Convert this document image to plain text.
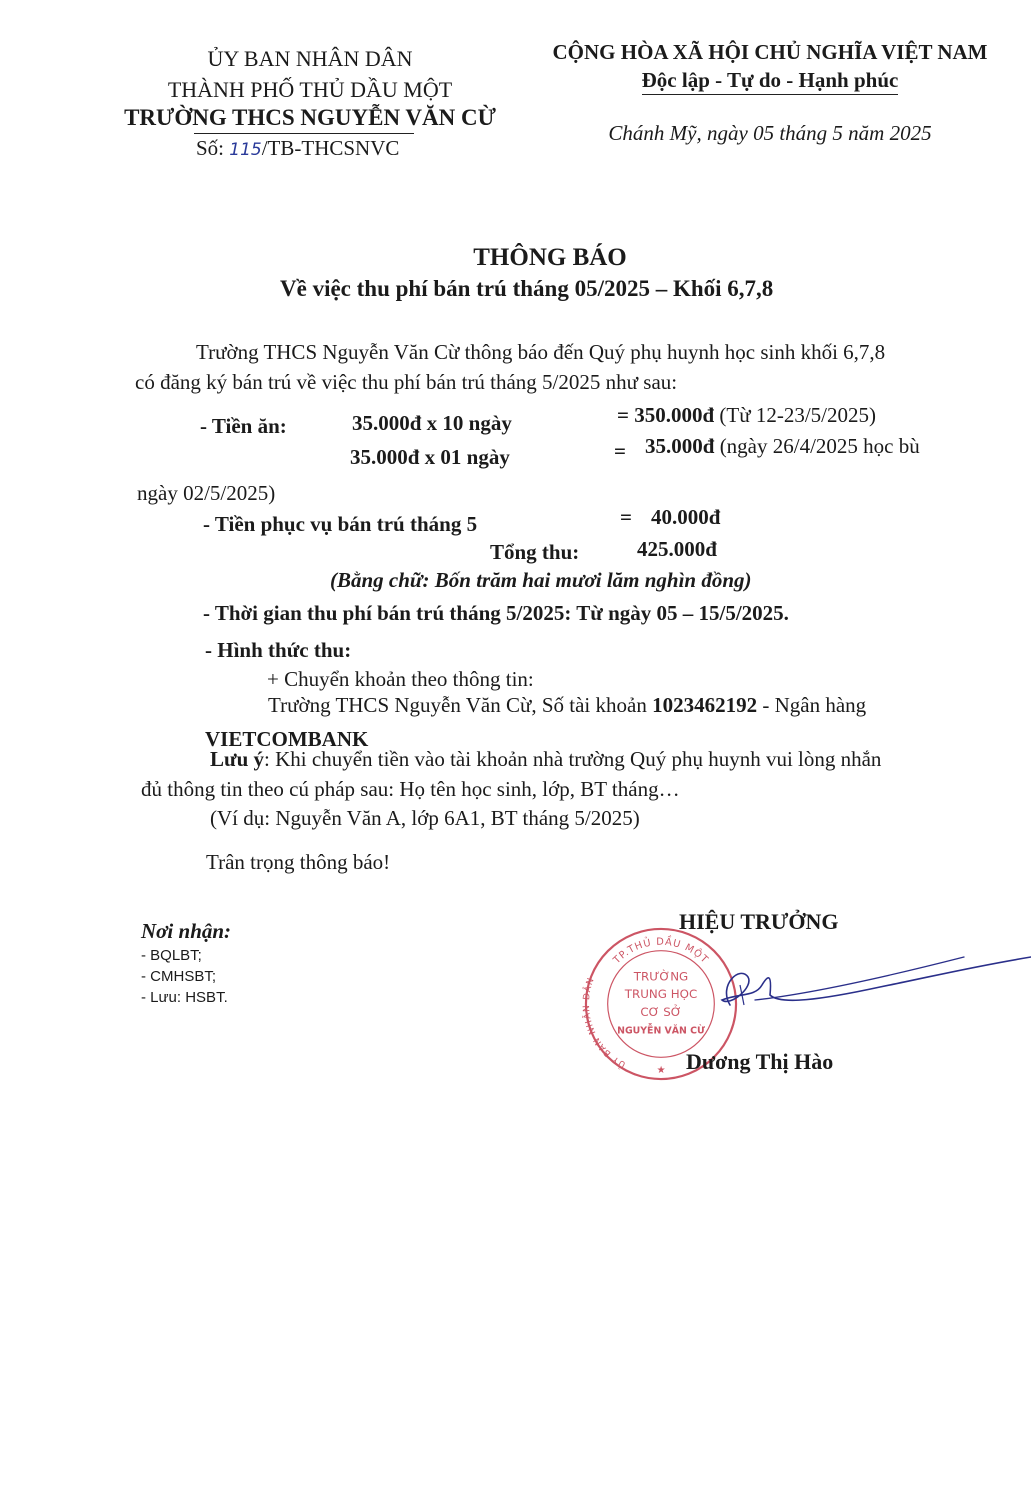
ỦY BAN NHÂN DÂN
THÀNH PHỐ THỦ DẦU MỘT
TRƯỜNG THCS NGUYỄN VĂN CỪ
Số: 115/TB-THCSNVC
CỘNG HÒA XÃ HỘI CHỦ NGHĨA VIỆT NAM
Độc lập - Tự do - Hạnh phúc
Chánh Mỹ, ngày 05 tháng 5 năm 2025
THÔNG BÁO
Về việc thu phí bán trú tháng 05/2025 – Khối 6,7,8
Trường THCS Nguyễn Văn Cừ thông báo đến Quý phụ huynh học sinh khối 6,7,8
có đăng ký bán trú về việc thu phí bán trú tháng 5/2025 như sau:
- Tiền ăn:	35.000đ x 10 ngày	= 350.000đ (Từ 12-23/5/2025)
35.000đ x 01 ngày	= 35.000đ (ngày 26/4/2025 học bù
ngày 02/5/2025)
- Tiền phục vụ bán trú tháng 5	= 40.000đ
Tổng thu:	425.000đ
(Bằng chữ: Bốn trăm hai mươi lăm nghìn đồng)
- Thời gian thu phí bán trú tháng 5/2025: Từ ngày 05 – 15/5/2025.
- Hình thức thu:
+ Chuyển khoản theo thông tin:
Trường THCS Nguyễn Văn Cừ, Số tài khoản 1023462192 - Ngân hàng
VIETCOMBANK
Lưu ý: Khi chuyển tiền vào tài khoản nhà trường Quý phụ huynh vui lòng nhắn
đủ thông tin theo cú pháp sau: Họ tên học sinh, lớp, BT tháng…
(Ví dụ: Nguyễn Văn A, lớp 6A1, BT tháng 5/2025)
Trân trọng thông báo!
Nơi nhận:
- BQLBT;
- CMHSBT;
- Lưu: HSBT.
TP.THỦ DẦU MỘT
ỦY BAN NHÂN DÂN	TRƯỜNG
TRUNG HỌC
CƠ SỞ
NGUYỄN VĂN CỪ
★
HIỆU TRƯỞNG
Dương Thị Hào
